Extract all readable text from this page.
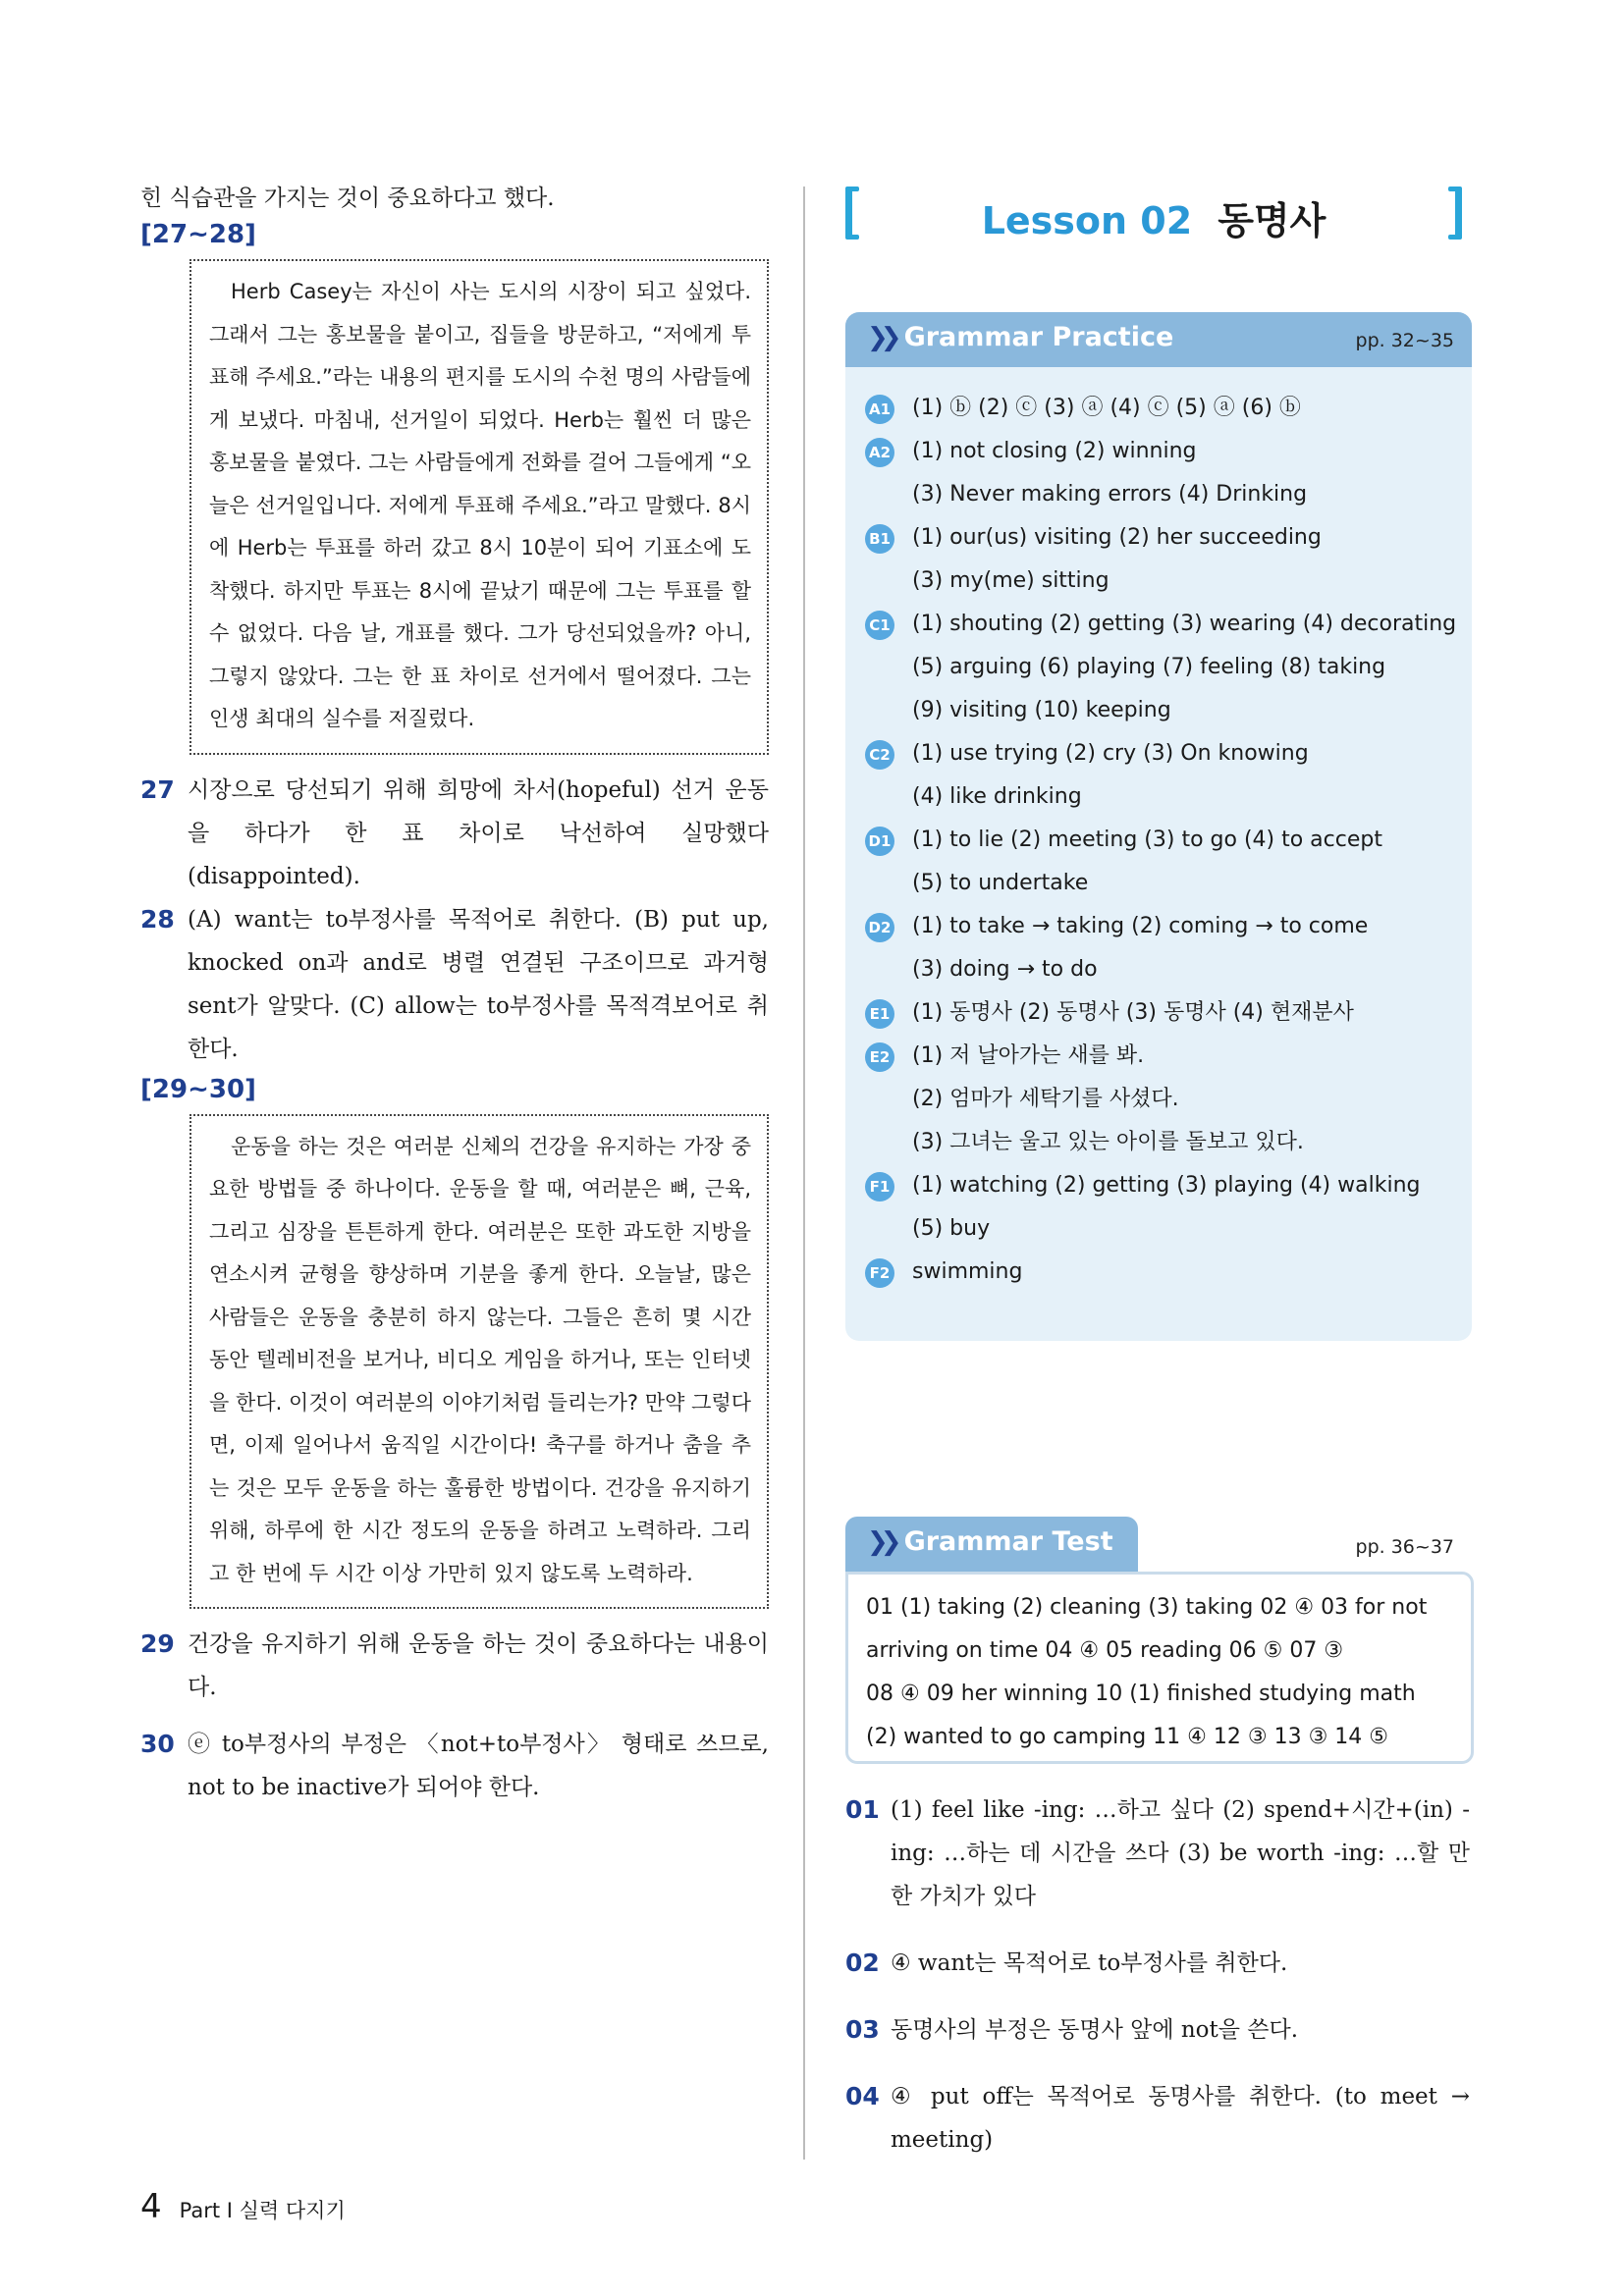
힌 식습관을 가지는 것이 중요하다고 했다.
[27~28]

Herb Casey는 자신이 사는 도시의 시장이 되고 싶었다. 그래서 그는 홍보물을 붙이고, 집들을 방문하고, “저에게 투표해 주세요.”라는 내용의 편지를 도시의 수천 명의 사람들에게 보냈다. 마침내, 선거일이 되었다. Herb는 훨씬 더 많은 홍보물을 붙였다. 그는 사람들에게 전화를 걸어 그들에게 “오늘은 선거일입니다. 저에게 투표해 주세요.”라고 말했다. 8시에 Herb는 투표를 하러 갔고 8시 10분이 되어 기표소에 도착했다. 하지만 투표는 8시에 끝났기 때문에 그는 투표를 할 수 없었다. 다음 날, 개표를 했다. 그가 당선되었을까? 아니, 그렇지 않았다. 그는 한 표 차이로 선거에서 떨어졌다. 그는 인생 최대의 실수를 저질렀다.

27 시장으로 당선되기 위해 희망에 차서(hopeful) 선거 운동을 하다가 한 표 차이로 낙선하여 실망했다(disappointed).
28 (A) want는 to부정사를 목적어로 취한다. (B) put up, knocked on과 and로 병렬 연결된 구조이므로 과거형 sent가 알맞다. (C) allow는 to부정사를 목적격보어로 취한다.
[29~30]

운동을 하는 것은 여러분 신체의 건강을 유지하는 가장 중요한 방법들 중 하나이다. 운동을 할 때, 여러분은 뼈, 근육, 그리고 심장을 튼튼하게 한다. 여러분은 또한 과도한 지방을 연소시켜 균형을 향상하며 기분을 좋게 한다. 오늘날, 많은 사람들은 운동을 충분히 하지 않는다. 그들은 흔히 몇 시간 동안 텔레비전을 보거나, 비디오 게임을 하거나, 또는 인터넷을 한다. 이것이 여러분의 이야기처럼 들리는가? 만약 그렇다면, 이제 일어나서 움직일 시간이다! 축구를 하거나 춤을 추는 것은 모두 운동을 하는 훌륭한 방법이다. 건강을 유지하기 위해, 하루에 한 시간 정도의 운동을 하려고 노력하라. 그리고 한 번에 두 시간 이상 가만히 있지 않도록 노력하라.

29 건강을 유지하기 위해 운동을 하는 것이 중요하다는 내용이다.
30 ⓔ to부정사의 부정은 〈not+to부정사〉 형태로 쓰므로, not to be inactive가 되어야 한다.
Lesson 02 동명사
❯❯ Grammar Practice	pp. 32~35
A1 (1) ⓑ (2) ⓒ (3) ⓐ (4) ⓒ (5) ⓐ (6) ⓑ
A2 (1) not closing (2) winning
(3) Never making errors (4) Drinking
B1 (1) our(us) visiting (2) her succeeding
(3) my(me) sitting
C1 (1) shouting (2) getting (3) wearing (4) decorating
(5) arguing (6) playing (7) feeling (8) taking
(9) visiting (10) keeping
C2 (1) use trying (2) cry (3) On knowing
(4) like drinking
D1 (1) to lie (2) meeting (3) to go (4) to accept
(5) to undertake
D2 (1) to take → taking (2) coming → to come
(3) doing → to do
E1 (1) 동명사 (2) 동명사 (3) 동명사 (4) 현재분사
E2 (1) 저 날아가는 새를 봐.
(2) 엄마가 세탁기를 사셨다.
(3) 그녀는 울고 있는 아이를 돌보고 있다.
F1 (1) watching (2) getting (3) playing (4) walking
(5) buy
F2 swimming
❯❯ Grammar Test	pp. 36~37
01 (1) taking (2) cleaning (3) taking 02 ④ 03 for not
arriving on time 04 ④ 05 reading 06 ⑤ 07 ③
08 ④ 09 her winning 10 (1) finished studying math
(2) wanted to go camping 11 ④ 12 ③ 13 ③ 14 ⑤
01 (1) feel like -ing: …하고 싶다 (2) spend+시간+(in) -ing: …하는 데 시간을 쓰다 (3) be worth -ing: …할 만한 가치가 있다
02 ④ want는 목적어로 to부정사를 취한다.
03 동명사의 부정은 동명사 앞에 not을 쓴다.
04 ④ put off는 목적어로 동명사를 취한다. (to meet → meeting)
4 Part Ⅰ 실력 다지기
